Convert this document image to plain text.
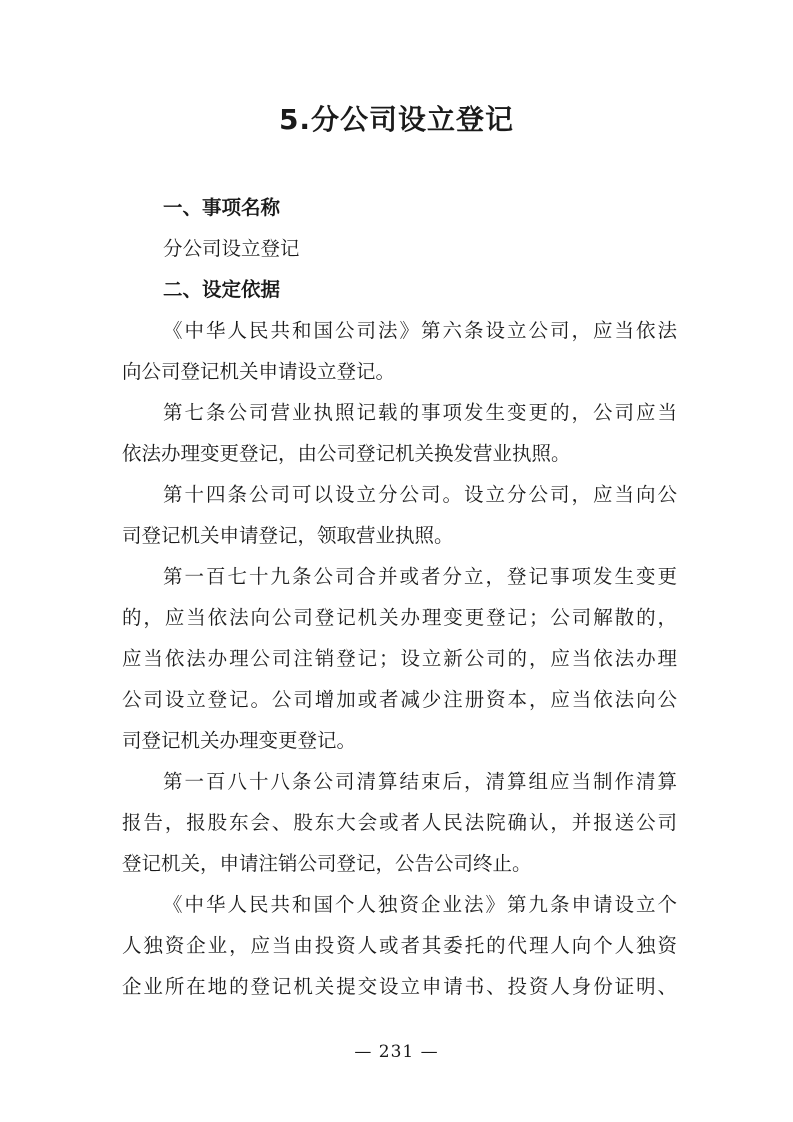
5.分公司设立登记

一、事项名称

分公司设立登记

二、设定依据

《中华人民共和国公司法》第六条设立公司，应当依法
向公司登记机关申请设立登记。

第七条公司营业执照记载的事项发生变更的，公司应当
依法办理变更登记，由公司登记机关换发营业执照。

第十四条公司可以设立分公司。设立分公司，应当向公
司登记机关申请登记，领取营业执照。

第一百七十九条公司合并或者分立，登记事项发生变更
的，应当依法向公司登记机关办理变更登记；公司解散的，
应当依法办理公司注销登记；设立新公司的，应当依法办理
公司设立登记。公司增加或者减少注册资本，应当依法向公
司登记机关办理变更登记。

第一百八十八条公司清算结束后，清算组应当制作清算
报告，报股东会、股东大会或者人民法院确认，并报送公司
登记机关，申请注销公司登记，公告公司终止。

《中华人民共和国个人独资企业法》第九条申请设立个
人独资企业，应当由投资人或者其委托的代理人向个人独资
企业所在地的登记机关提交设立申请书、投资人身份证明、

— 231 —
